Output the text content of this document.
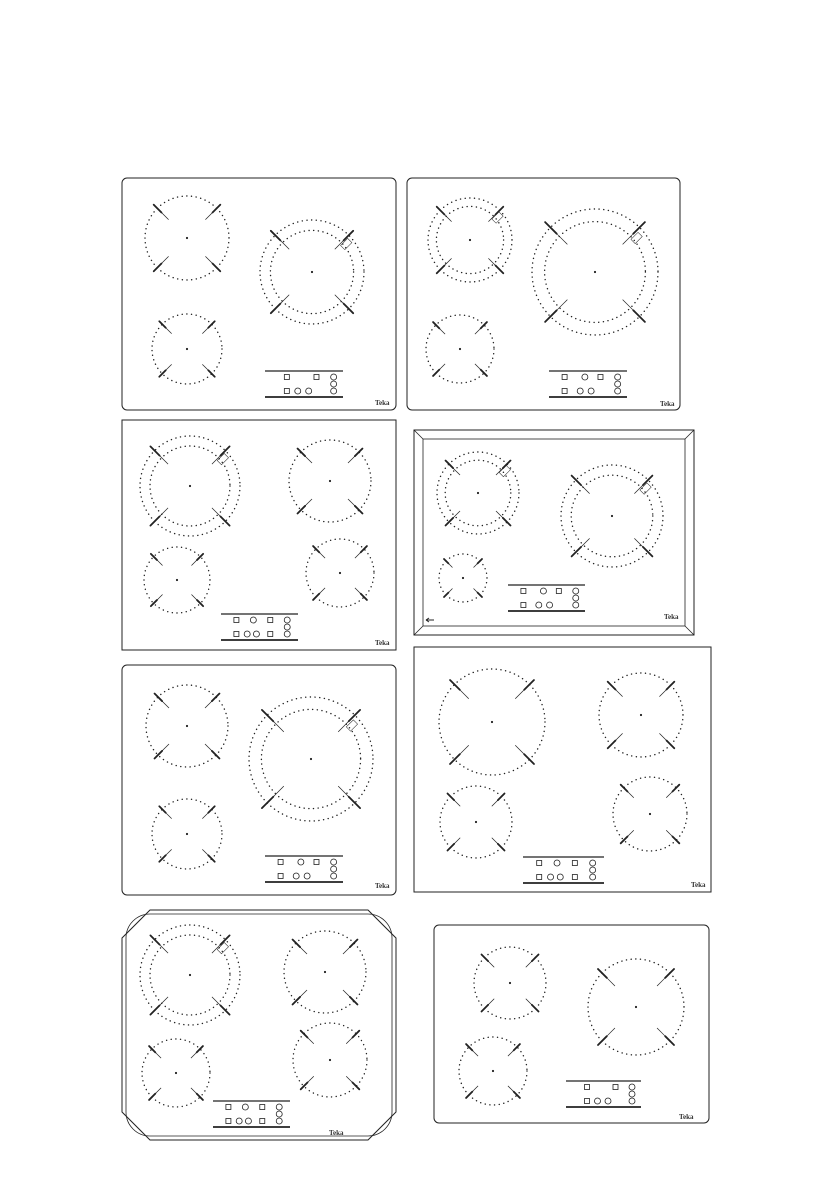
Teka	Teka
Teka
Teka
Teka	Teka
Teka
Teka
